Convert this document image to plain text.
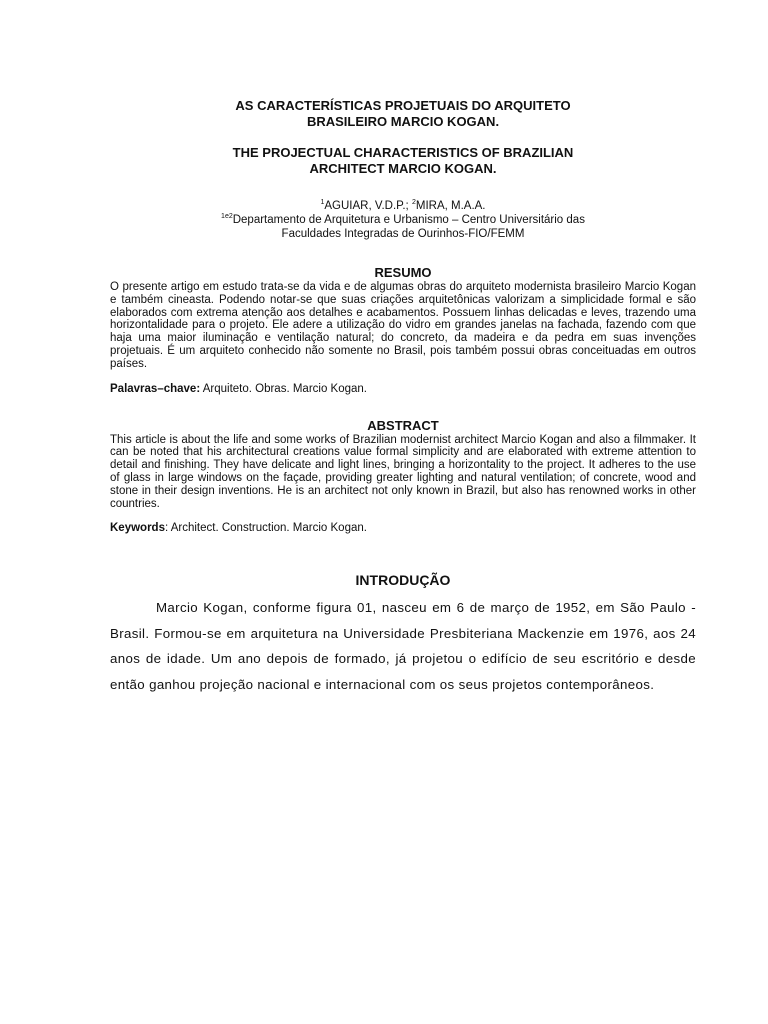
AS CARACTERÍSTICAS PROJETUAIS DO ARQUITETO

BRASILEIRO MARCIO KOGAN.

THE PROJECTUAL CHARACTERISTICS OF BRAZILIAN

ARCHITECT MARCIO KOGAN.

$^1$AGUIAR, V.D.P.; $^2$MIRA, M.A.A.

$^{1e2}$Departamento de Arquitetura e Urbanismo – Centro Universitário das

Faculdades Integradas de Ourinhos-FIO/FEMM

RESUMO

O presente artigo em estudo trata-se da vida e de algumas obras do arquiteto modernista brasileiro Marcio Kogan e também cineasta. Podendo notar-se que suas criações arquitetônicas valorizam a simplicidade formal e são elaborados com extrema atenção aos detalhes e acabamentos. Possuem linhas delicadas e leves, trazendo uma horizontalidade para o projeto. Ele adere a utilização do vidro em grandes janelas na fachada, fazendo com que haja uma maior iluminação e ventilação natural; do concreto, da madeira e da pedra em suas invenções projetuais. É um arquiteto conhecido não somente no Brasil, pois também possui obras conceituadas em outros países.

Palavras–chave: Arquiteto. Obras. Marcio Kogan.

ABSTRACT

This article is about the life and some works of Brazilian modernist architect Marcio Kogan and also a filmmaker. It can be noted that his architectural creations value formal simplicity and are elaborated with extreme attention to detail and finishing. They have delicate and light lines, bringing a horizontality to the project. It adheres to the use of glass in large windows on the façade, providing greater lighting and natural ventilation; of concrete, wood and stone in their design inventions. He is an architect not only known in Brazil, but also has renowned works in other countries.

Keywords: Architect. Construction. Marcio Kogan.

INTRODUÇÃO

Marcio Kogan, conforme figura 01, nasceu em 6 de março de 1952, em São Paulo - Brasil. Formou-se em arquitetura na Universidade Presbiteriana Mackenzie em 1976, aos 24 anos de idade. Um ano depois de formado, já projetou o edifício de seu escritório e desde então ganhou projeção nacional e internacional com os seus projetos contemporâneos.
